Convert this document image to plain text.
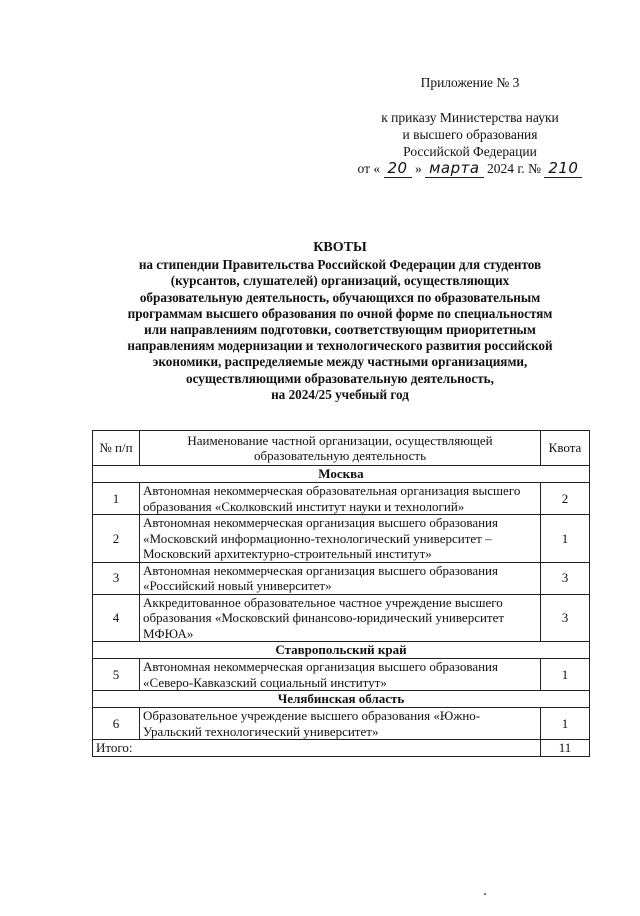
Приложение № 3
к приказу Министерства науки
и высшего образования
Российской Федерации
от « 20 » марта 2024 г. № 210
КВОТЫ
на стипендии Правительства Российской Федерации для студентов
(курсантов, слушателей) организаций, осуществляющих
образовательную деятельность, обучающихся по образовательным
программам высшего образования по очной форме по специальностям
или направлениям подготовки, соответствующим приоритетным
направлениям модернизации и технологического развития российской
экономики, распределяемые между частными организациями,
осуществляющими образовательную деятельность,
на 2024/25 учебный год
№ п/п	Наименование частной организации, осуществляющей образовательную деятельность	Квота
Москва		
1	Автономная некоммерческая образовательная организация высшего образования «Сколковский институт науки и технологий»	2
2	Автономная некоммерческая организация высшего образования «Московский информационно-технологический университет – Московский архитектурно-строительный институт»	1
3	Автономная некоммерческая организация высшего образования «Российский новый университет»	3
4	Аккредитованное образовательное частное учреждение высшего образования «Московский финансово-юридический университет МФЮА»	3
Ставропольский край		
5	Автономная некоммерческая организация высшего образования «Северо-Кавказский социальный институт»	1
Челябинская область		
6	Образовательное учреждение высшего образования «Южно-Уральский технологический университет»	1
Итого:		11
